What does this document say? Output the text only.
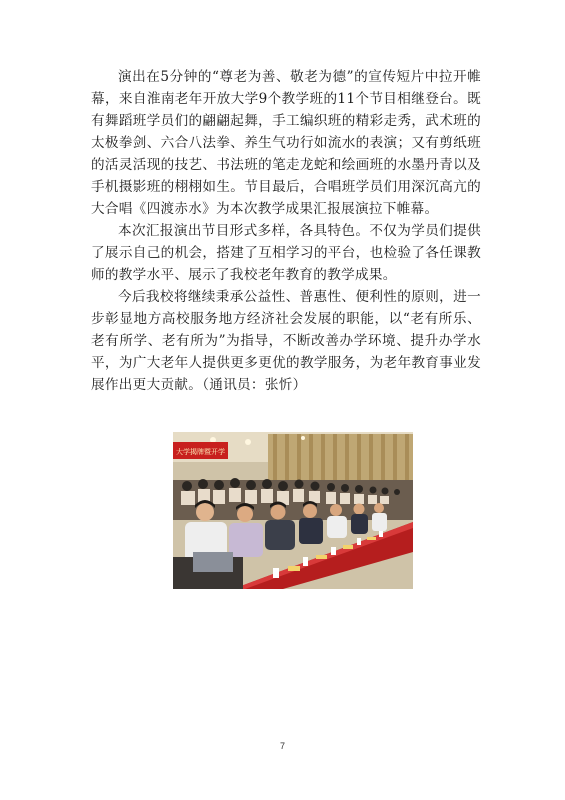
演出在5分钟的“尊老为善、敬老为德”的宣传短片中拉开帷幕，来自淮南老年开放大学9个教学班的11个节目相继登台。既有舞蹈班学员们的翩翩起舞，手工编织班的精彩走秀，武术班的太极拳剑、六合八法拳、养生气功行如流水的表演；又有剪纸班的活灵活现的技艺、书法班的笔走龙蛇和绘画班的水墨丹青以及手机摄影班的栩栩如生。节目最后，合唱班学员们用深沉高亢的大合唱《四渡赤水》为本次教学成果汇报展演拉下帷幕。

本次汇报演出节目形式多样，各具特色。不仅为学员们提供了展示自己的机会，搭建了互相学习的平台，也检验了各任课教师的教学水平、展示了我校老年教育的教学成果。

今后我校将继续秉承公益性、普惠性、便利性的原则，进一步彰显地方高校服务地方经济社会发展的职能，以“老有所乐、老有所学、老有所为”为指导，不断改善办学环境、提升办学水平，为广大老年人提供更多更优的教学服务，为老年教育事业发展作出更大贡献。（通讯员：张忻）

大学揭牌暨开学
7
